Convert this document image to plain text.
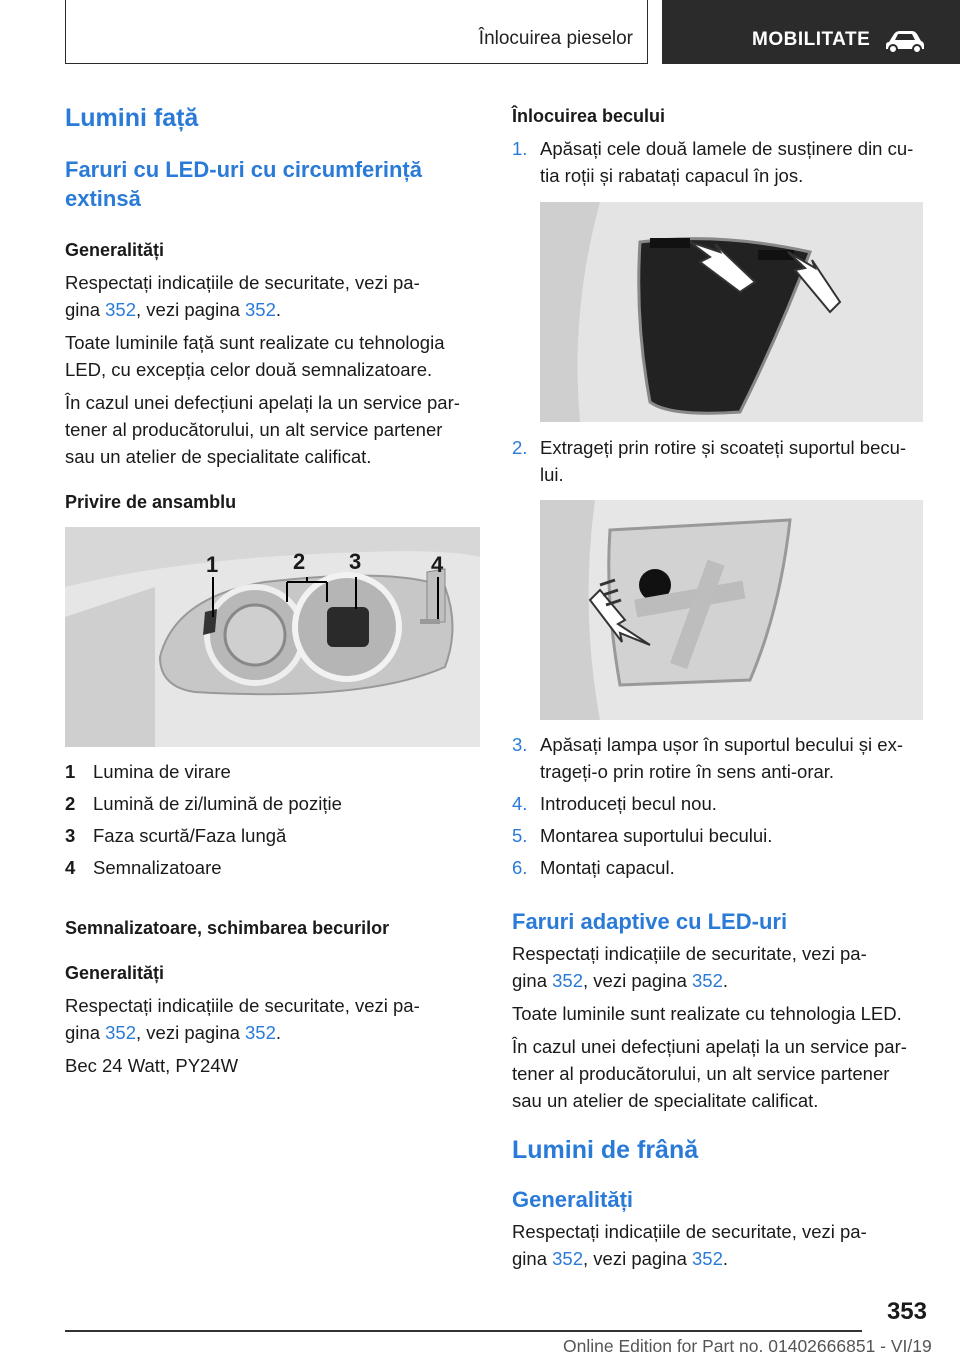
Înlocuirea pieselor	MOBILITATE
Lumini față
Faruri cu LED-uri cu circumferință extinsă
Generalități

Respectați indicațiile de securitate, vezi pa-
gina 352, vezi pagina 352.

Toate luminile față sunt realizate cu tehnologia
LED, cu excepția celor două semnalizatoare.

În cazul unei defecțiuni apelați la un service par-
tener al producătorului, un alt service partener
sau un atelier de specialitate calificat.

Privire de ansamblu
1	2 3	4
1 Lumina de virare
2 Lumină de zi/lumină de poziție
3 Faza scurtă/Faza lungă
4 Semnalizatoare
Semnalizatoare, schimbarea becurilor
Generalități

Respectați indicațiile de securitate, vezi pa-
gina 352, vezi pagina 352.

Bec 24 Watt, PY24W

Înlocuirea becului
1. Apăsați cele două lamele de susținere din cu-
tia roții și rabatați capacul în jos.
2. Extrageți prin rotire și scoateți suportul becu-
lui.
3. Apăsați lampa ușor în suportul becului și ex-
trageți-o prin rotire în sens anti-orar.
4. Introduceți becul nou.
5. Montarea suportului becului.
6. Montați capacul.
Faruri adaptive cu LED-uri

Respectați indicațiile de securitate, vezi pa-
gina 352, vezi pagina 352.

Toate luminile sunt realizate cu tehnologia LED.

În cazul unei defecțiuni apelați la un service par-
tener al producătorului, un alt service partener
sau un atelier de specialitate calificat.

Lumini de frână
Generalități

Respectați indicațiile de securitate, vezi pa-
gina 352, vezi pagina 352.

353
Online Edition for Part no. 01402666851 - VI/19
